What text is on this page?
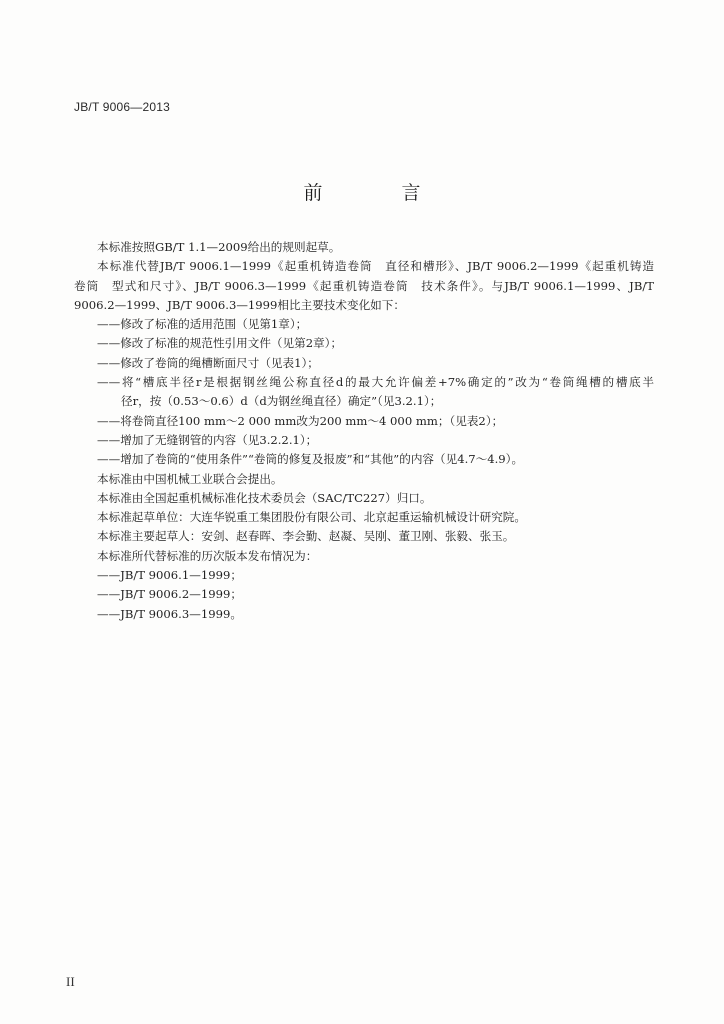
JB/T 9006—2013
前　言
本标准按照GB/T 1.1—2009给出的规则起草。
本标准代替JB/T 9006.1—1999《起重机铸造卷筒　直径和槽形》、JB/T 9006.2—1999《起重机铸造
卷筒　型式和尺寸》、JB/T 9006.3—1999《起重机铸造卷筒　技术条件》。与JB/T 9006.1—1999、JB/T
9006.2—1999、JB/T 9006.3—1999相比主要技术变化如下：
——修改了标准的适用范围（见第1章）；
——修改了标准的规范性引用文件（见第2章）；
——修改了卷筒的绳槽断面尺寸（见表1）；
——将“槽底半径r是根据钢丝绳公称直径d的最大允许偏差+7%确定的”改为“卷筒绳槽的槽底半
径r，按（0.53～0.6）d（d为钢丝绳直径）确定”（见3.2.1）；
——将卷筒直径100 mm～2 000 mm改为200 mm～4 000 mm；（见表2）；
——增加了无缝钢管的内容（见3.2.2.1）；
——增加了卷筒的“使用条件”“卷筒的修复及报废”和“其他”的内容（见4.7～4.9）。
本标准由中国机械工业联合会提出。
本标准由全国起重机械标准化技术委员会（SAC/TC227）归口。
本标准起草单位：大连华锐重工集团股份有限公司、北京起重运输机械设计研究院。
本标准主要起草人：安剑、赵春晖、李会勤、赵凝、吴刚、董卫刚、张毅、张玉。
本标准所代替标准的历次版本发布情况为：
——JB/T 9006.1—1999；
——JB/T 9006.2—1999；
——JB/T 9006.3—1999。
II
